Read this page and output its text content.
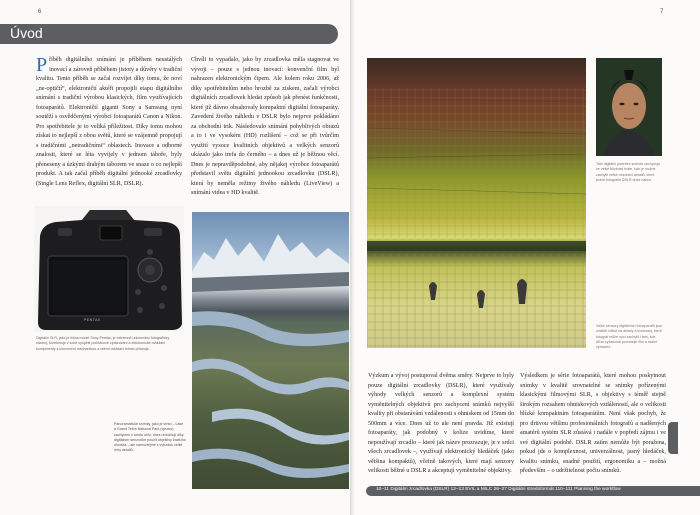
6
Úvod
Příběh digitálního snímání je příběhem neustálých inovací a zároveň příběhem jistoty a důvěry v tradiční kvalitu. Tento příběh se začal rozvíjet díky tomu, že noví „ne-optičtí“, elektroničtí aktéři propojili etapu digitálního snímání s tradiční výrobou klasických, film využívajících fotoaparátů. Elektroničtí giganti Sony a Samsung nyní soutěží s osvědčenými výrobci fotoaparátů Canon a Nikon. Pro spotřebitele je to veliká příležitost. Díky tomu mohou získat to nejlepší z obou světů, které se vzájemně propojují s tradičními ,,netradičními“ oblastech. Inovace a odborné znalosti, které se léta vyvíjely v jednom táboře, byly přeneseny a úzkými drahým táborem ve snaze o co nejlepší produkt. A tak začal příběh digitální jednooké zrcadlovky (Single Lens Reflex, digitální SLR, DSLR).
Chvíli to vypadalo, jako by zrcadlovka měla stagnovat ve vývoji – pouze s jednou inovací: konvenční film byl nahrazen elektronickým čipem. Ale kolem roku 2006, až díky spotřebitelům nebo hrozbě za ziskem, začali výrobci digitálních zrcadlovek hledat způsob jak přenést funkčnosti, které již dávno obsahovaly kompaktní digitální fotoaparáty. Zavedení živého náhledu v DSLR bylo nejprve pokládáno za obchodní trik. Následovalo snímání pohyblivých obrazů a to i ve vysokém (HD) rozlišení – což se při tvůrčím využití vysoce kvalitních objektivů a velkých senzorů ukázalo jako trefa do černého – a dnes už je běžnou věcí. Dnes je nepravděpodobné, aby nějakej výrobce fotoaparátů představil světu digitální jednookou zrcadlovku (DSLR), která by neměla režimy živého náhledu (LiveView) a snímání videa v HD kvalitě.
PENTAX
Digitální SLR, jako je třeba model Sony Pentax, je extrémně univerzální fotografický nástroj. Kombinuje v sobě vyspělé počítačové zpracování a elektronické ovládací komponenty s konvenční mechanikou a všemi ovladači tohoto přístroje.
Panoramatické snímky, jako je tento – Lake a Grand Teton National Park (vpravo) zachycení v tomto úhlu, dnes umožňují díky digitálním senzorům použít objektivy kratšího ohniska – ale samozřejmě s výhodou velké míry detailů.
7
Tato digitální portrétní snímek zachycuje ze velké blízkosti tváře, kde je možné zachytit velké množství detailů, které právě fotografie DSLR dnes nabízí.
Velké senzory digitálních fotoaparátů jsou zvláště citlivé na detaily a kontrasty, které fotograf může nyní zachytit i tam, kde dříve vyžadoval pomalejší film a drahé vybavení.
Výzkum a vývoj postupoval dvěma směry. Nejprve to byly pouze digitální zrcadlovky (DSLR), které využívaly výhody velkých senzorů a komplexní systém vyměnitelných objektivů pro zachycení snímků nejvyšší kvality při obstarávání vzdálenosti s ohniskem od 15mm do 500mm a více. Dnes už to ale není pravda. Již existují fotoaparáty, jak podobný v kolize uvidíme, které nepoužívají zrcadlo – které jak název prozrazuje, je v srdci všech zrcadlovek –, využívají elektronický hledáček (jako většina kompaktů), včetně takových, které mají senzory velikosti běžné u DSLR a akceptují vyměnitelné objektivy.
Výsledkem je série fotoaparátů, které mohou poskytnout snímky v kvalitě srovnatelné se snímky pořízenými klasickými filmovými SLR, s objektivy s téměř stejně širokým rozsahem ohniskových vzdáleností, ale o velikosti blízké kompaktním fotoaparátům. Není však pochyb, že pro drtivou většinu profesionálních fotografů a nadšených amatérů systém SLR zůstává i nadále v popředí zájmu i ve své digitální podobě. DSLR zatím nemůže být poražena, pokud jde o komplexnost, univerzálnost, jasný hledáček, kvalitu snímku, snadné použití, ergonomiku a – možná především – o udržitelnost počtu snímků.
10–11 Digitální zrcadlovka (DSLR) 12–13 EVIL a MILC 26–27 Digitální stredoformát 110–111 Planning the workflow
